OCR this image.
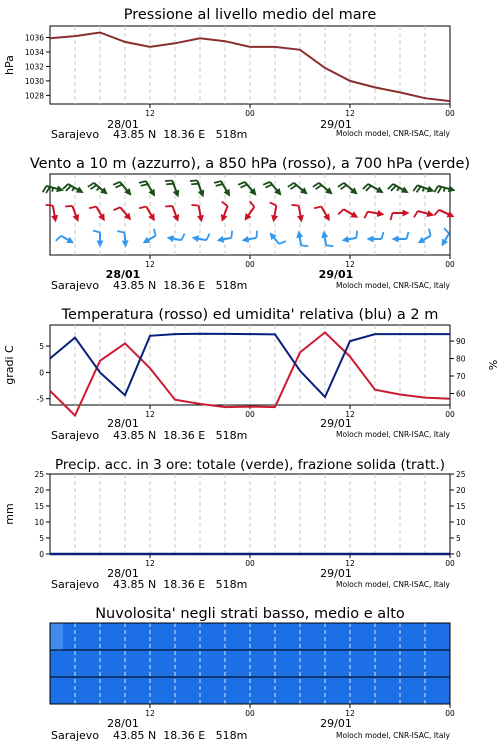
Pressione al livello medio del mare
1028
1030
1032
1034
1036
12	00	12	00
hPa
28/01	29/01
Sarajevo    43.85 N  18.36 E   518m	Moloch model, CNR-ISAC, Italy
Vento a 10 m (azzurro), a 850 hPa (rosso), a 700 hPa (verde)
12	00	12	00
28/01	29/01
Sarajevo    43.85 N  18.36 E   518m	Moloch model, CNR-ISAC, Italy
Temperatura (rosso) ed umidita' relativa (blu) a 2 m
-5
0
5
60
70
80
90
12	00	12	00
gradi C	%
28/01	29/01
Sarajevo    43.85 N  18.36 E   518m	Moloch model, CNR-ISAC, Italy
Precip. acc. in 3 ore: totale (verde), frazione solida (tratt.)
0
5
10
15
20
25
0
5
10
15
20
25
12	00	12	00
mm
28/01	29/01
Sarajevo    43.85 N  18.36 E   518m	Moloch model, CNR-ISAC, Italy
Nuvolosita' negli strati basso, medio e alto
12	00	12	00
28/01	29/01
Sarajevo    43.85 N  18.36 E   518m	Moloch model, CNR-ISAC, Italy
